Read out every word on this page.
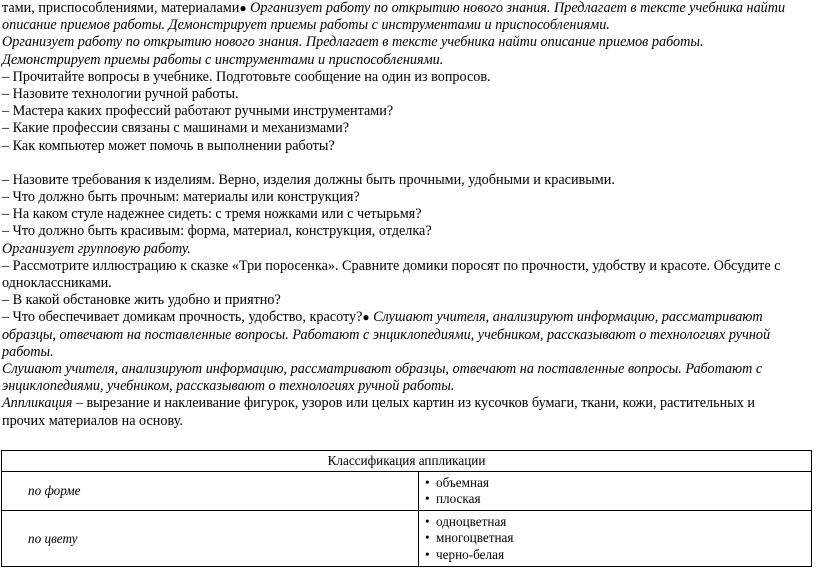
тами, приспособлениями, материалами● Организует работу по открытию нового знания. Предлагает в тексте учебника найти
описание приемов работы. Демонстрирует приемы работы с инструментами и приспособлениями.
Организует работу по открытию нового знания. Предлагает в тексте учебника найти описание приемов работы.
Демонстрирует приемы работы с инструментами и приспособлениями.
– Прочитайте вопросы в учебнике. Подготовьте сообщение на один из вопросов.
– Назовите технологии ручной работы.
– Мастера каких профессий работают ручными инструментами?
– Какие профессии связаны с машинами и механизмами?
– Как компьютер может помочь в выполнении работы?
– Назовите требования к изделиям. Верно, изделия должны быть прочными, удобными и красивыми.
– Что должно быть прочным: материалы или конструкция?
– На каком стуле надежнее сидеть: с тремя ножками или с четырьмя?
– Что должно быть красивым: форма, материал, конструкция, отделка?
Организует групповую работу.
– Рассмотрите иллюстрацию к сказке «Три поросенка». Сравните домики поросят по прочности, удобству и красоте. Обсудите с
одноклассниками.
– В какой обстановке жить удобно и приятно?
– Что обеспечивает домикам прочность, удобство, красоту?● Слушают учителя, анализируют информацию, рассматривают
образцы, отвечают на поставленные вопросы. Работают с энциклопедиями, учебником, рассказывают о технологиях ручной
работы.
Слушают учителя, анализируют информацию, рассматривают образцы, отвечают на поставленные вопросы. Работают с
энциклопедиями, учебником, рассказывают о технологиях ручной работы.
Аппликация – вырезание и наклеивание фигурок, узоров или целых картин из кусочков бумаги, ткани, кожи, растительных и
прочих материалов на основу.
Классификация аппликации	
по форме	• объемная
• плоская

по цвету	• одноцветная
• многоцветная
• черно-белая
